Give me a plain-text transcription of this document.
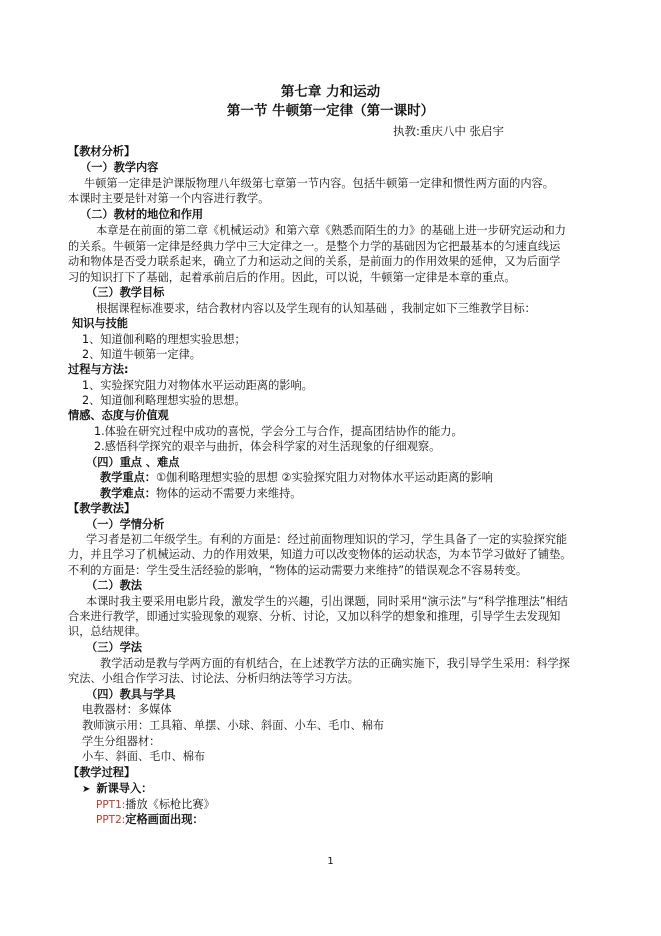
第七章 力和运动
第一节 牛顿第一定律（第一课时）
执教:重庆八中 张启宇
【教材分析】
（一）教学内容
牛顿第一定律是沪课版物理八年级第七章第一节内容。包括牛顿第一定律和惯性两方面的内容。
本课时主要是针对第一个内容进行教学。
（二）教材的地位和作用
本章是在前面的第二章《机械运动》和第六章《熟悉而陌生的力》的基础上进一步研究运动和力
的关系。牛顿第一定律是经典力学中三大定律之一。是整个力学的基础因为它把最基本的匀速直线运
动和物体是否受力联系起来，确立了力和运动之间的关系，是前面力的作用效果的延伸，又为后面学
习的知识打下了基础，起着承前启后的作用。因此，可以说，牛顿第一定律是本章的重点。
（三）教学目标
根据课程标准要求，结合教材内容以及学生现有的认知基础 ，我制定如下三维教学目标：
知识与技能
1、知道伽利略的理想实验思想；
2、知道牛顿第一定律。
过程与方法:
1、实验探究阻力对物体水平运动距离的影响。
2、知道伽利略理想实验的思想。
情感、态度与价值观
1.体验在研究过程中成功的喜悦，学会分工与合作，提高团结协作的能力。
2.感悟科学探究的艰辛与曲折，体会科学家的对生活现象的仔细观察。
（四）重点 、难点
教学重点：①伽利略理想实验的思想 ②实验探究阻力对物体水平运动距离的影响
教学难点：物体的运动不需要力来维持。
【教学教法】
（一）学情分析
学习者是初二年级学生。有利的方面是：经过前面物理知识的学习，学生具备了一定的实验探究能
力，并且学习了机械运动、力的作用效果，知道力可以改变物体的运动状态，为本节学习做好了铺垫。
不利的方面是：学生受生活经验的影响，“物体的运动需要力来维持”的错误观念不容易转变。
（二）教法
本课时我主要采用电影片段，激发学生的兴趣，引出课题，同时采用“演示法”与“科学推理法”相结
合来进行教学，即通过实验现象的观察、分析、讨论，又加以科学的想象和推理，引导学生去发现知
识，总结规律。
（三）学法
教学活动是教与学两方面的有机结合，在上述教学方法的正确实施下，我引导学生采用：科学探
究法、小组合作学习法、讨论法、分析归纳法等学习方法。
（四）教具与学具
电教器材：多媒体
教师演示用：工具箱、单摆、小球、斜面、小车、毛巾、棉布
学生分组器材：
小车、斜面、毛巾、棉布
【教学过程】
➤ 新课导入：
PPT1:播放《标枪比赛》
PPT2:定格画面出现：
1
